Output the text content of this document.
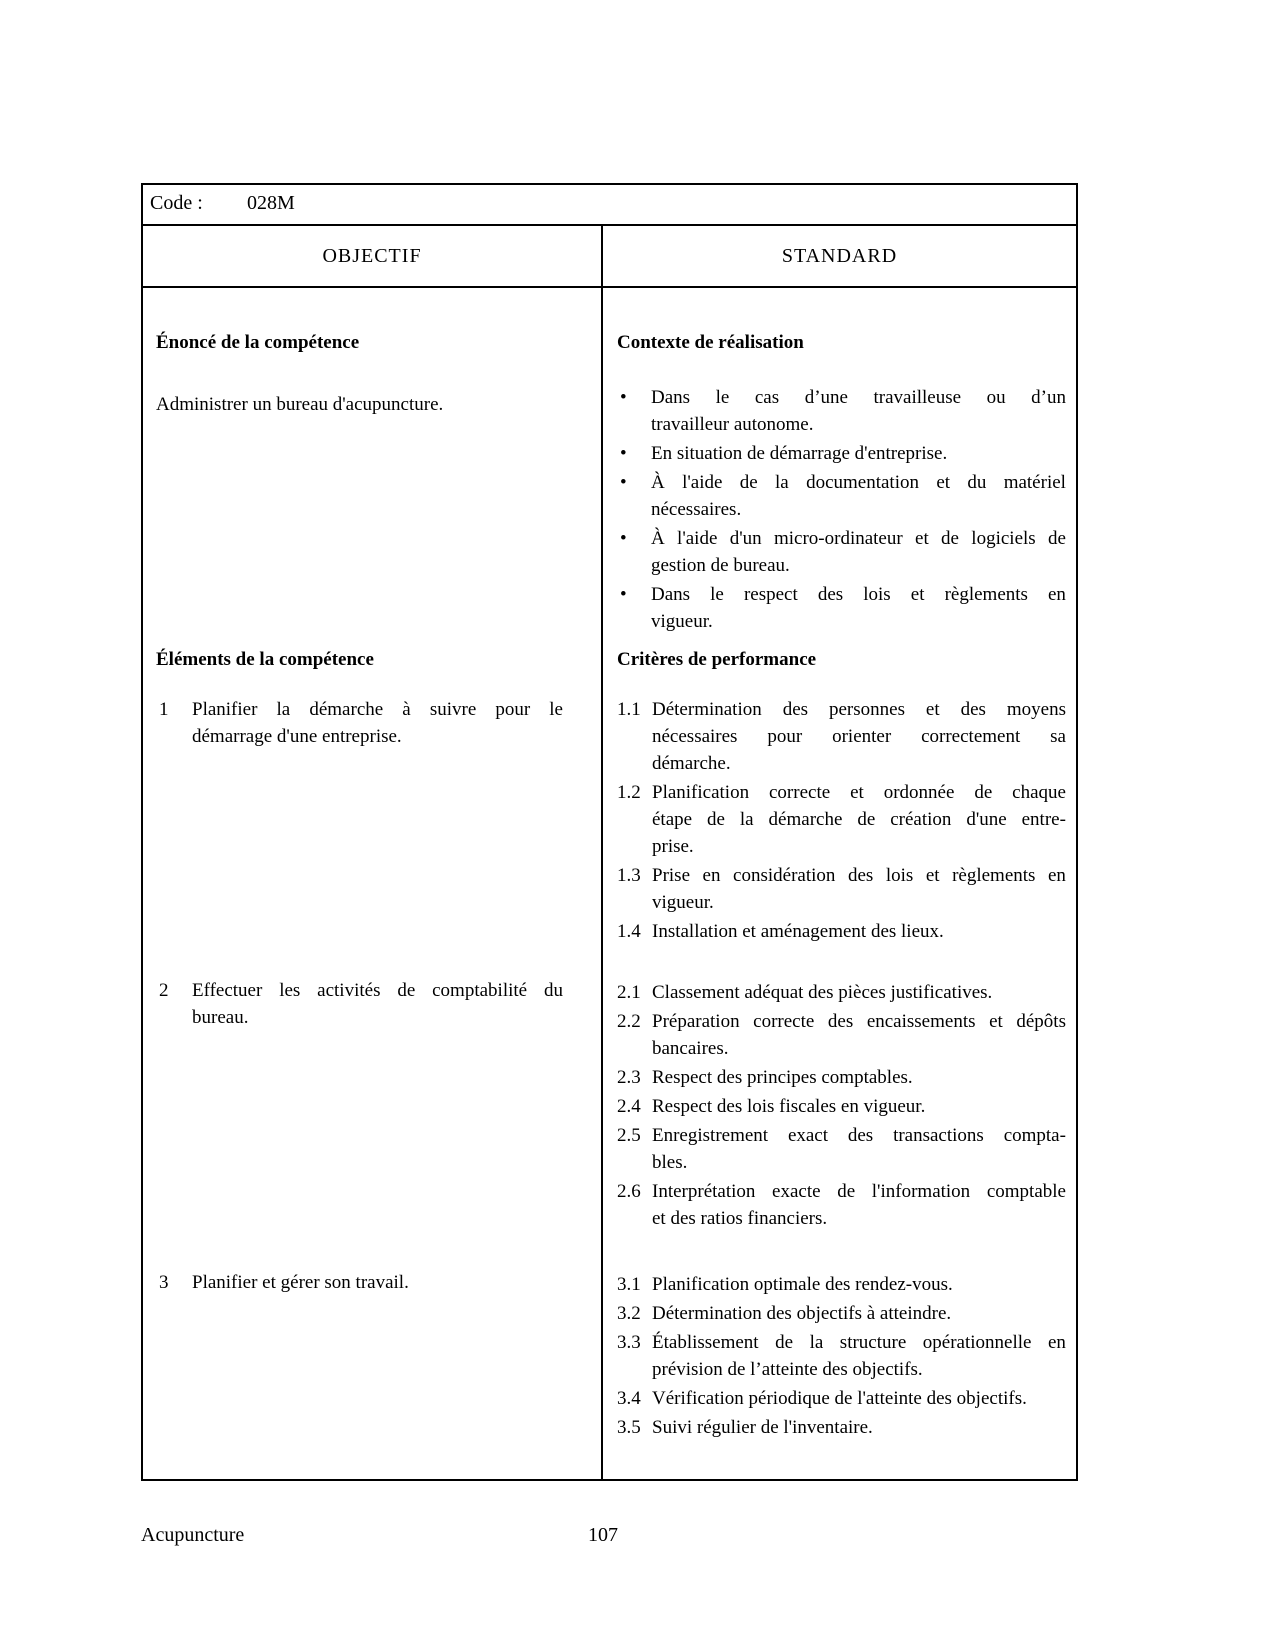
Code : 028M
OBJECTIF	STANDARD
Énoncé de la compétence

Administrer un bureau d'acupuncture.

Éléments de la compétence
1 Planifier la démarche à suivre pour le
démarrage d'une entreprise.
2 Effectuer les activités de comptabilité du
bureau.
3 Planifier et gérer son travail.
Contexte de réalisation
• Dans le cas d’une travailleuse ou d’un
travailleur autonome.
• En situation de démarrage d'entreprise.
• À l'aide de la documentation et du matériel
nécessaires.
• À l'aide d'un micro-ordinateur et de logiciels de
gestion de bureau.
• Dans le respect des lois et règlements en
vigueur.
Critères de performance
1.1 Détermination des personnes et des moyens
nécessaires pour orienter correctement sa
démarche.
1.2 Planification correcte et ordonnée de chaque
étape de la démarche de création d'une entre-
prise.
1.3 Prise en considération des lois et règlements en
vigueur.
1.4 Installation et aménagement des lieux.
2.1 Classement adéquat des pièces justificatives.
2.2 Préparation correcte des encaissements et dépôts
bancaires.
2.3 Respect des principes comptables.
2.4 Respect des lois fiscales en vigueur.
2.5 Enregistrement exact des transactions compta-
bles.
2.6 Interprétation exacte de l'information comptable
et des ratios financiers.
3.1 Planification optimale des rendez-vous.
3.2 Détermination des objectifs à atteindre.
3.3 Établissement de la structure opérationnelle en
prévision de l’atteinte des objectifs.
3.4 Vérification périodique de l'atteinte des objectifs.
3.5 Suivi régulier de l'inventaire.
Acupuncture	107
